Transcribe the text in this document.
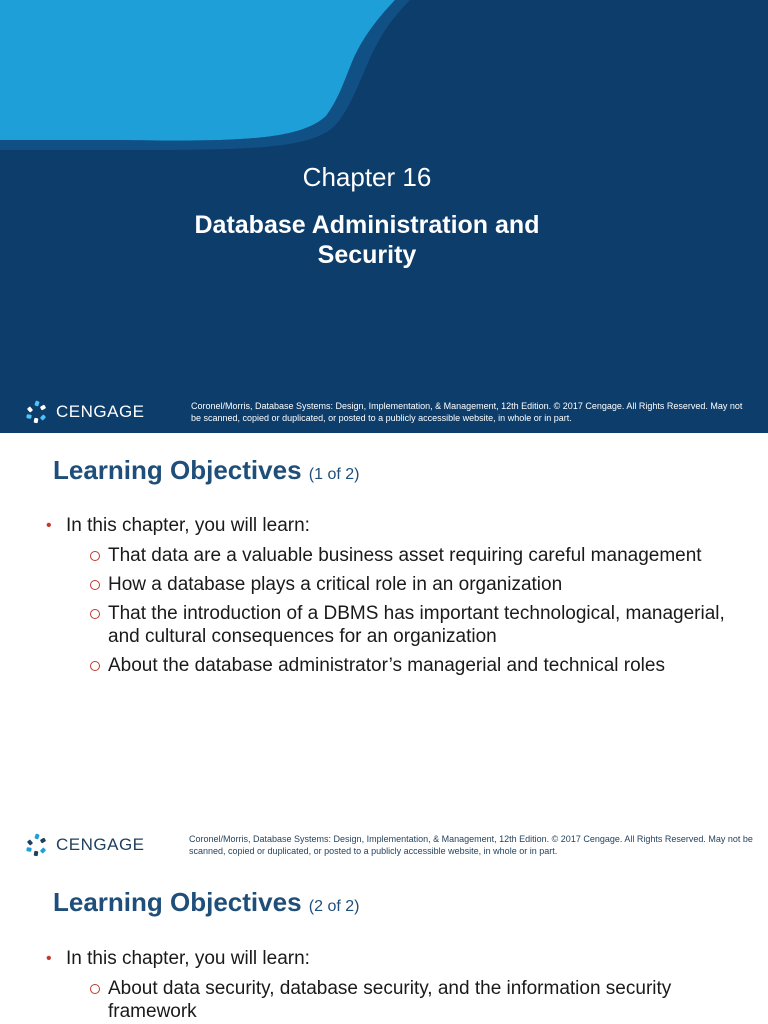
Chapter 16
Database Administration and Security
CENGAGE	Coronel/Morris, Database Systems: Design, Implementation, & Management, 12th Edition. © 2017 Cengage. All Rights Reserved. May not be scanned, copied or duplicated, or posted to a publicly accessible website, in whole or in part.

Learning Objectives (1 of 2)
• In this chapter, you will learn:
That data are a valuable business asset requiring careful management
How a database plays a critical role in an organization
That the introduction of a DBMS has important technological, managerial, and cultural consequences for an organization
About the database administrator’s managerial and technical roles
CENGAGE	Coronel/Morris, Database Systems: Design, Implementation, & Management, 12th Edition. © 2017 Cengage. All Rights Reserved. May not be scanned, copied or duplicated, or posted to a publicly accessible website, in whole or in part.

Learning Objectives (2 of 2)
• In this chapter, you will learn:
About data security, database security, and the information security framework
